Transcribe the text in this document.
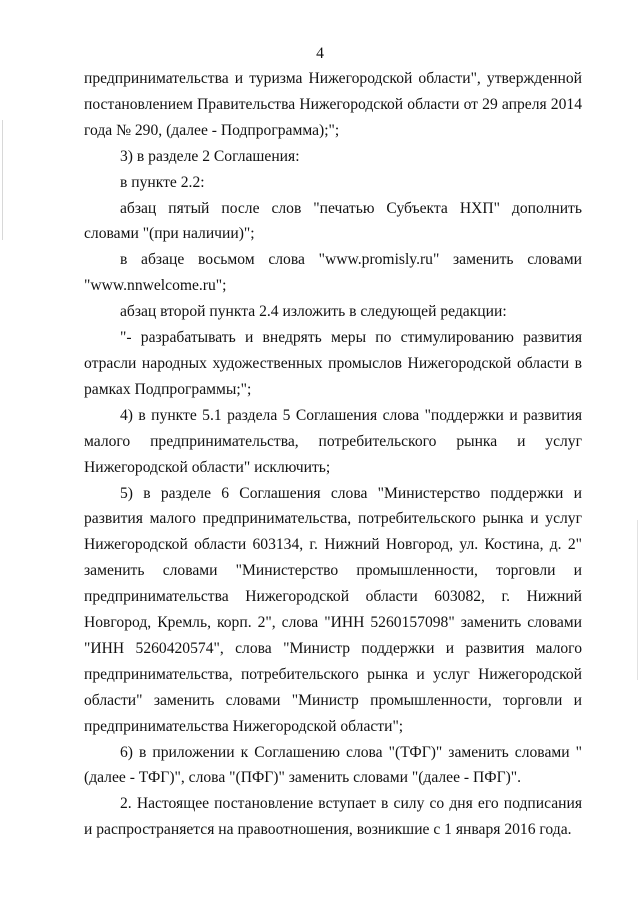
4

предпринимательства и туризма Нижегородской области", утвержденной постановлением Правительства Нижегородской области от 29 апреля 2014 года № 290, (далее - Подпрограмма);";

3) в разделе 2 Соглашения:

в пункте 2.2:

абзац пятый после слов "печатью Субъекта НХП" дополнить словами "(при наличии)";

в абзаце восьмом слова "www.promisly.ru" заменить словами "www.nnwelcome.ru";

абзац второй пункта 2.4 изложить в следующей редакции:

"- разрабатывать и внедрять меры по стимулированию развития отрасли народных художественных промыслов Нижегородской области в рамках Подпрограммы;";

4) в пункте 5.1 раздела 5 Соглашения слова "поддержки и развития малого предпринимательства, потребительского рынка и услуг Нижегородской области" исключить;

5) в разделе 6 Соглашения слова "Министерство поддержки и развития малого предпринимательства, потребительского рынка и услуг Нижегородской области 603134, г. Нижний Новгород, ул. Костина, д. 2" заменить словами "Министерство промышленности, торговли и предпринимательства Нижегородской области 603082, г. Нижний Новгород, Кремль, корп. 2", слова "ИНН 5260157098" заменить словами "ИНН 5260420574", слова "Министр поддержки и развития малого предпринимательства, потребительского рынка и услуг Нижегородской области" заменить словами "Министр промышленности, торговли и предпринимательства Нижегородской области";

6) в приложении к Соглашению слова "(ТФГ)" заменить словами "(далее - ТФГ)", слова "(ПФГ)" заменить словами "(далее - ПФГ)".

2. Настоящее постановление вступает в силу со дня его подписания и распространяется на правоотношения, возникшие с 1 января 2016 года.
